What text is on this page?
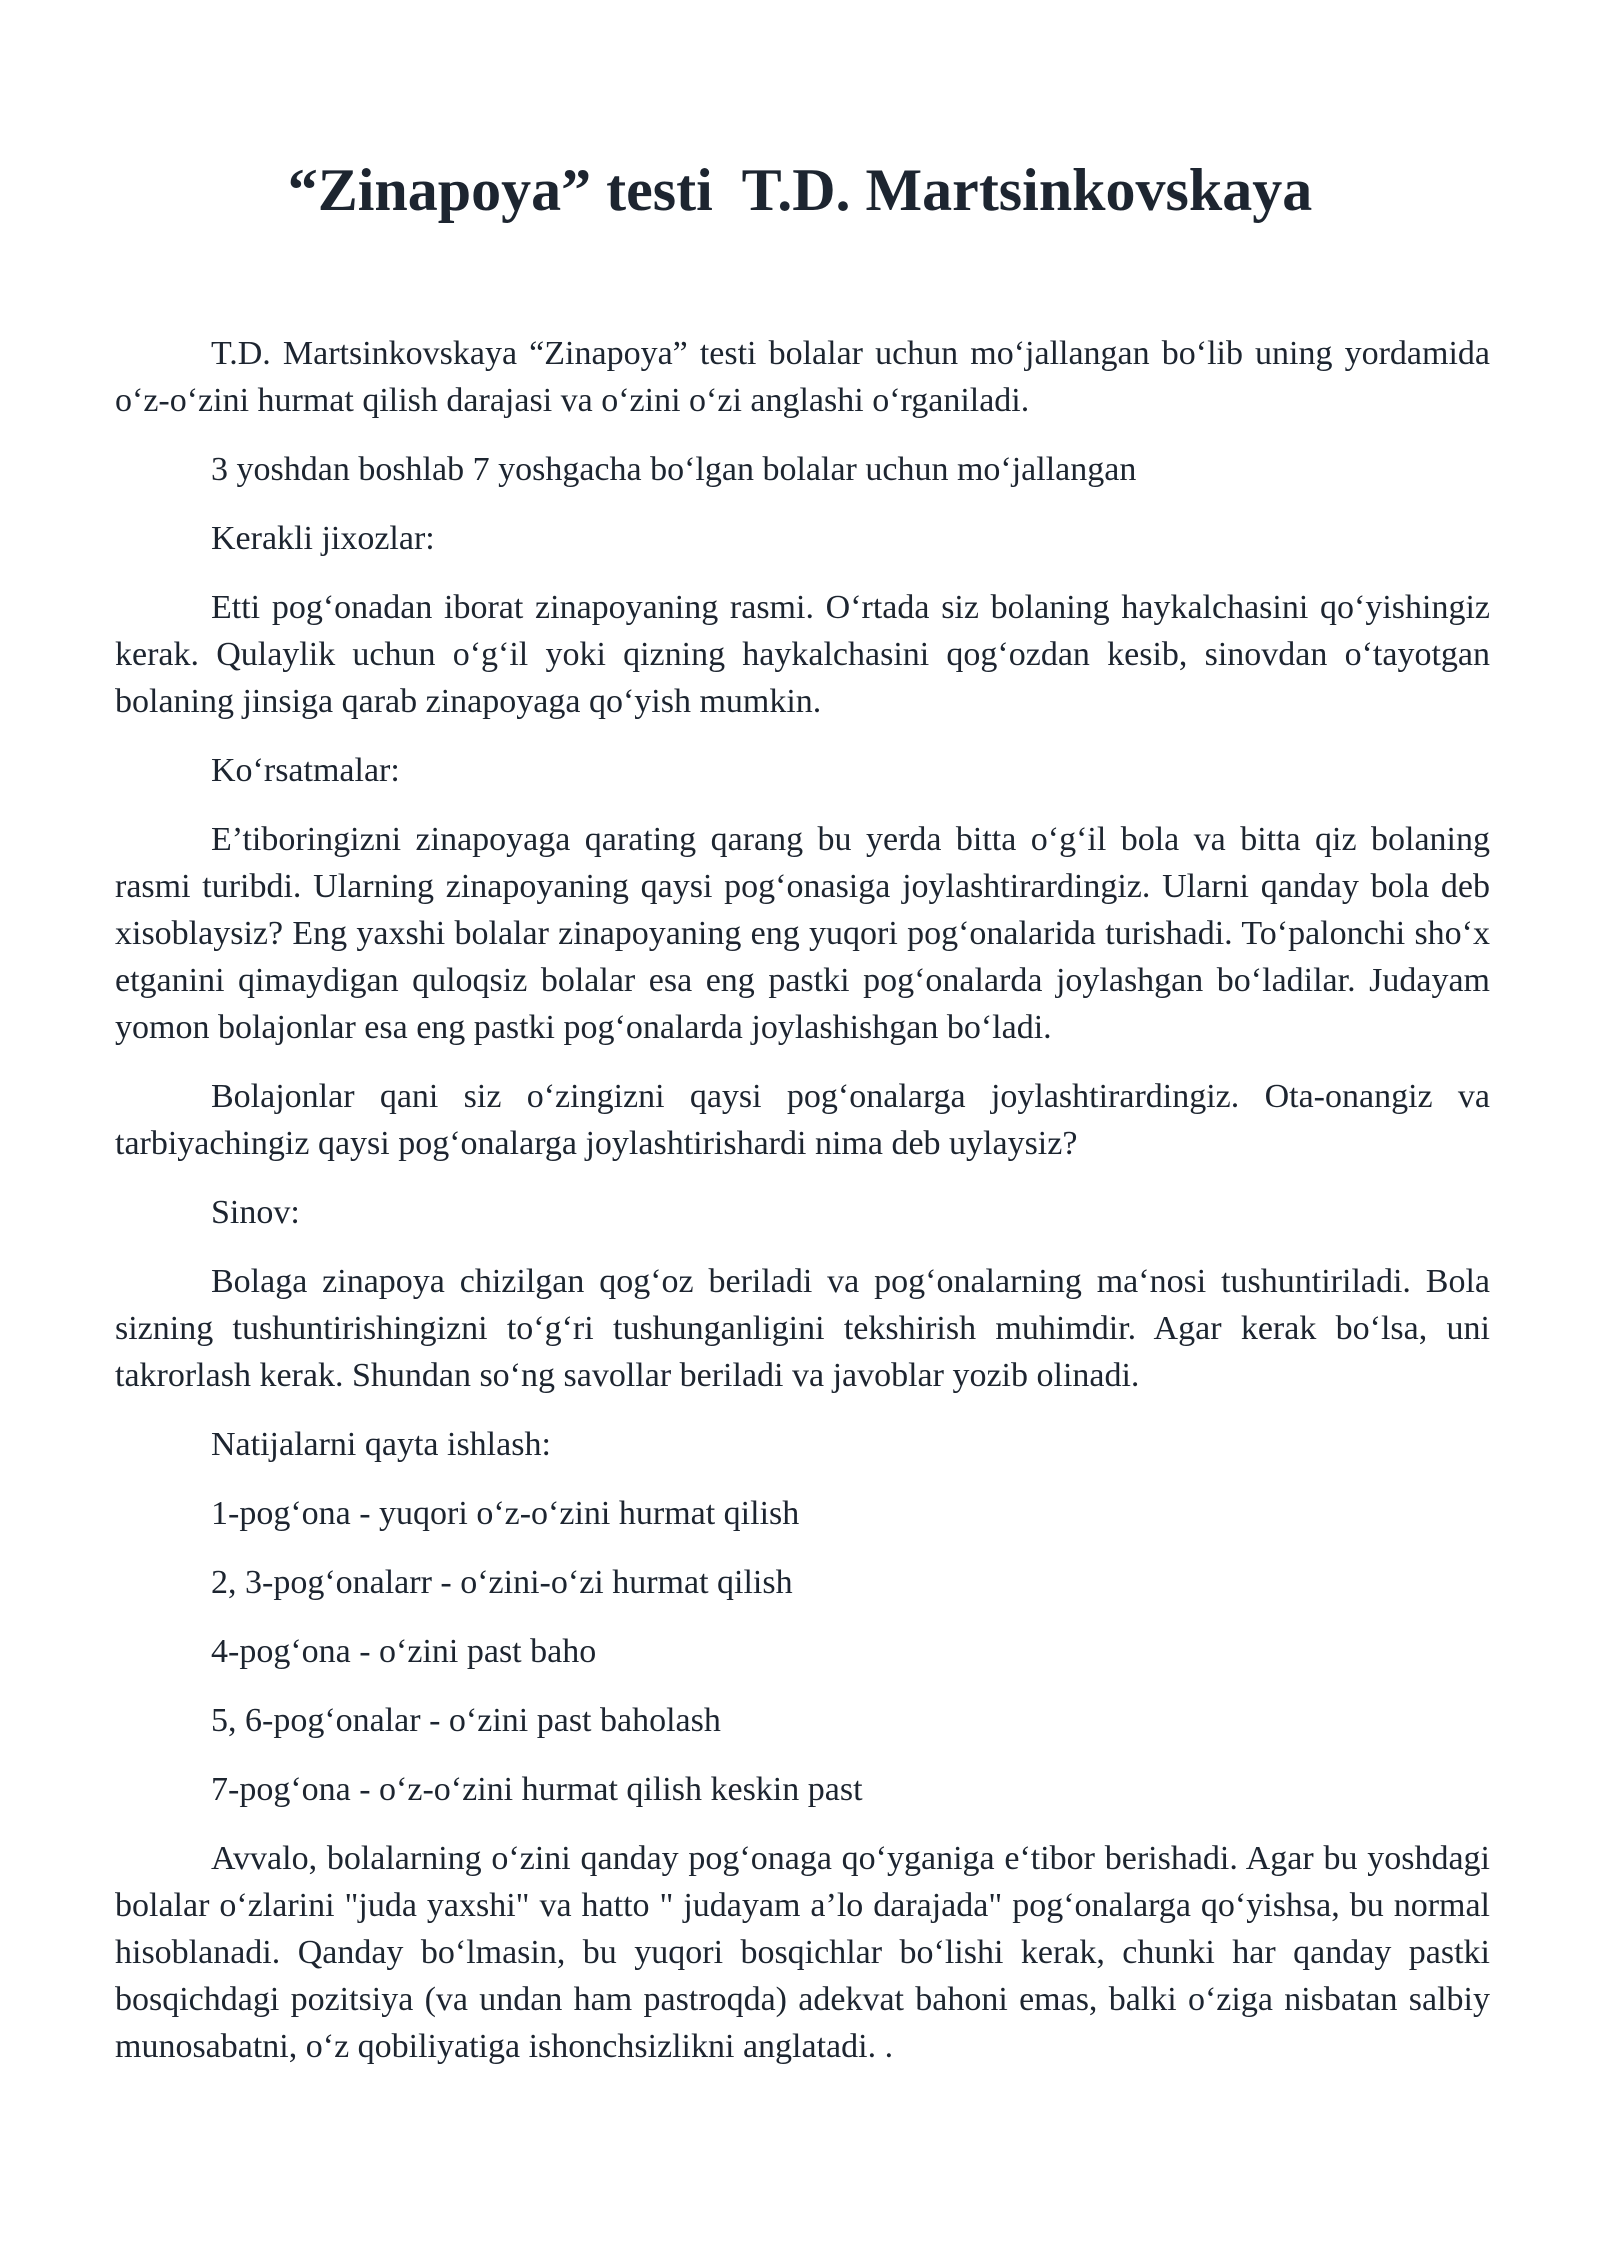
“Zinapoya” testi  T.D. Martsinkovskaya

T.D. Martsinkovskaya “Zinapoya” testi bolalar uchun mo‘jallangan bo‘lib uning yordamida o‘z-o‘zini hurmat qilish darajasi va o‘zini o‘zi anglashi o‘rganiladi.

3 yoshdan boshlab 7 yoshgacha bo‘lgan bolalar uchun mo‘jallangan

Kerakli jixozlar:

Etti pog‘onadan iborat zinapoyaning rasmi. O‘rtada siz bolaning haykalchasini qo‘yishingiz kerak. Qulaylik uchun o‘g‘il yoki qizning haykalchasini qog‘ozdan kesib, sinovdan o‘tayotgan bolaning jinsiga qarab zinapoyaga qo‘yish mumkin.

Ko‘rsatmalar:

E’tiboringizni zinapoyaga qarating qarang bu yerda bitta o‘g‘il bola va bitta qiz bolaning rasmi turibdi. Ularning zinapoyaning qaysi pog‘onasiga joylashtirardingiz. Ularni qanday bola deb xisoblaysiz? Eng yaxshi bolalar zinapoyaning eng yuqori pog‘onalarida turishadi. To‘palonchi sho‘x etganini qimaydigan quloqsiz bolalar esa eng pastki pog‘onalarda joylashgan bo‘ladilar. Judayam yomon bolajonlar esa eng pastki pog‘onalarda joylashishgan bo‘ladi.

Bolajonlar qani siz o‘zingizni qaysi pog‘onalarga joylashtirardingiz. Ota-onangiz va tarbiyachingiz qaysi pog‘onalarga joylashtirishardi nima deb uylaysiz?

Sinov:

Bolaga zinapoya chizilgan qog‘oz beriladi va pog‘onalarning ma‘nosi tushuntiriladi. Bola sizning tushuntirishingizni to‘g‘ri tushunganligini tekshirish muhimdir. Agar kerak bo‘lsa, uni takrorlash kerak. Shundan so‘ng savollar beriladi va javoblar yozib olinadi.

Natijalarni qayta ishlash:

1-pog‘ona - yuqori o‘z-o‘zini hurmat qilish

2, 3-pog‘onalarr - o‘zini-o‘zi hurmat qilish

4-pog‘ona - o‘zini past baho

5, 6-pog‘onalar - o‘zini past baholash

7-pog‘ona - o‘z-o‘zini hurmat qilish keskin past

Avvalo, bolalarning o‘zini qanday pog‘onaga qo‘yganiga e‘tibor berishadi. Agar bu yoshdagi bolalar o‘zlarini "juda yaxshi" va hatto " judayam a’lo darajada" pog‘onalarga qo‘yishsa, bu normal hisoblanadi. Qanday bo‘lmasin, bu yuqori bosqichlar bo‘lishi kerak, chunki har qanday pastki bosqichdagi pozitsiya (va undan ham pastroqda) adekvat bahoni emas, balki o‘ziga nisbatan salbiy munosabatni, o‘z qobiliyatiga ishonchsizlikni anglatadi. .
